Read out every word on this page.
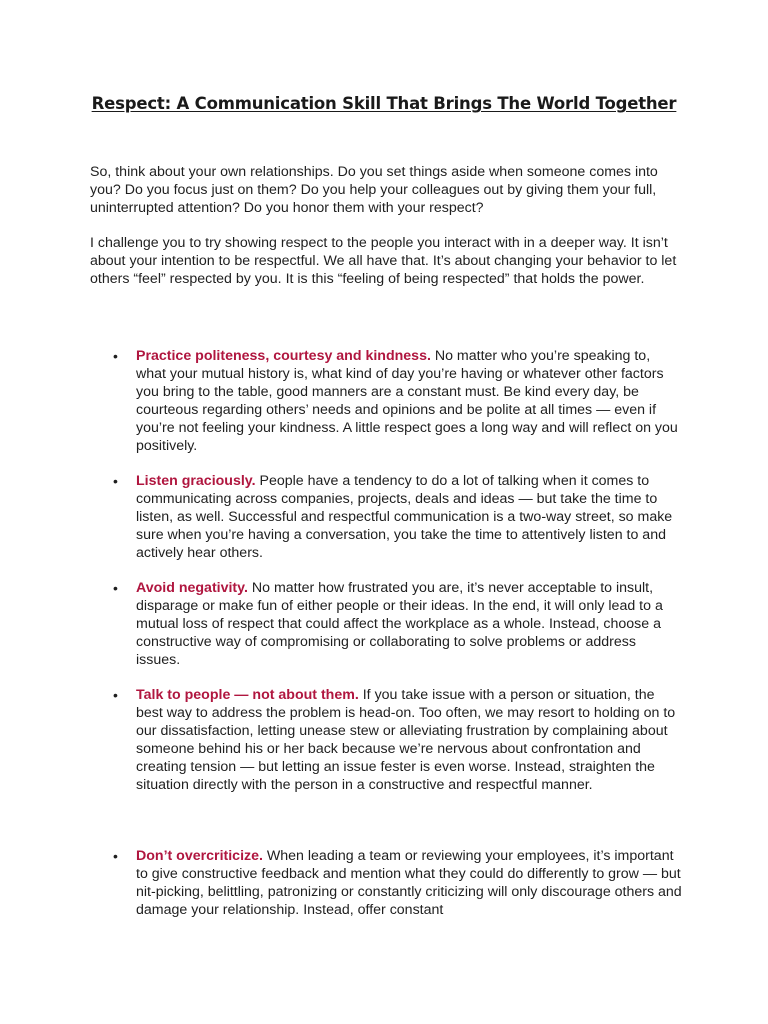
Respect: A Communication Skill That Brings The World Together

So, think about your own relationships. Do you set things aside when someone comes into you? Do you focus just on them? Do you help your colleagues out by giving them your full, uninterrupted attention? Do you honor them with your respect?

I challenge you to try showing respect to the people you interact with in a deeper way. It isn’t about your intention to be respectful. We all have that. It’s about changing your behavior to let others “feel” respected by you. It is this “feeling of being respected” that holds the power.

• Practice politeness, courtesy and kindness. No matter who you’re speaking to, what your mutual history is, what kind of day you’re having or whatever other factors you bring to the table, good manners are a constant must. Be kind every day, be courteous regarding others’ needs and opinions and be polite at all times — even if you’re not feeling your kindness. A little respect goes a long way and will reflect on you positively.
• Listen graciously. People have a tendency to do a lot of talking when it comes to communicating across companies, projects, deals and ideas — but take the time to listen, as well. Successful and respectful communication is a two-way street, so make sure when you’re having a conversation, you take the time to attentively listen to and actively hear others.
• Avoid negativity. No matter how frustrated you are, it’s never acceptable to insult, disparage or make fun of either people or their ideas. In the end, it will only lead to a mutual loss of respect that could affect the workplace as a whole. Instead, choose a constructive way of compromising or collaborating to solve problems or address issues.
• Talk to people — not about them. If you take issue with a person or situation, the best way to address the problem is head-on. Too often, we may resort to holding on to our dissatisfaction, letting unease stew or alleviating frustration by complaining about someone behind his or her back because we’re nervous about confrontation and creating tension — but letting an issue fester is even worse. Instead, straighten the situation directly with the person in a constructive and respectful manner.
• Don’t overcriticize. When leading a team or reviewing your employees, it’s important to give constructive feedback and mention what they could do differently to grow — but nit-picking, belittling, patronizing or constantly criticizing will only discourage others and damage your relationship. Instead, offer constant
